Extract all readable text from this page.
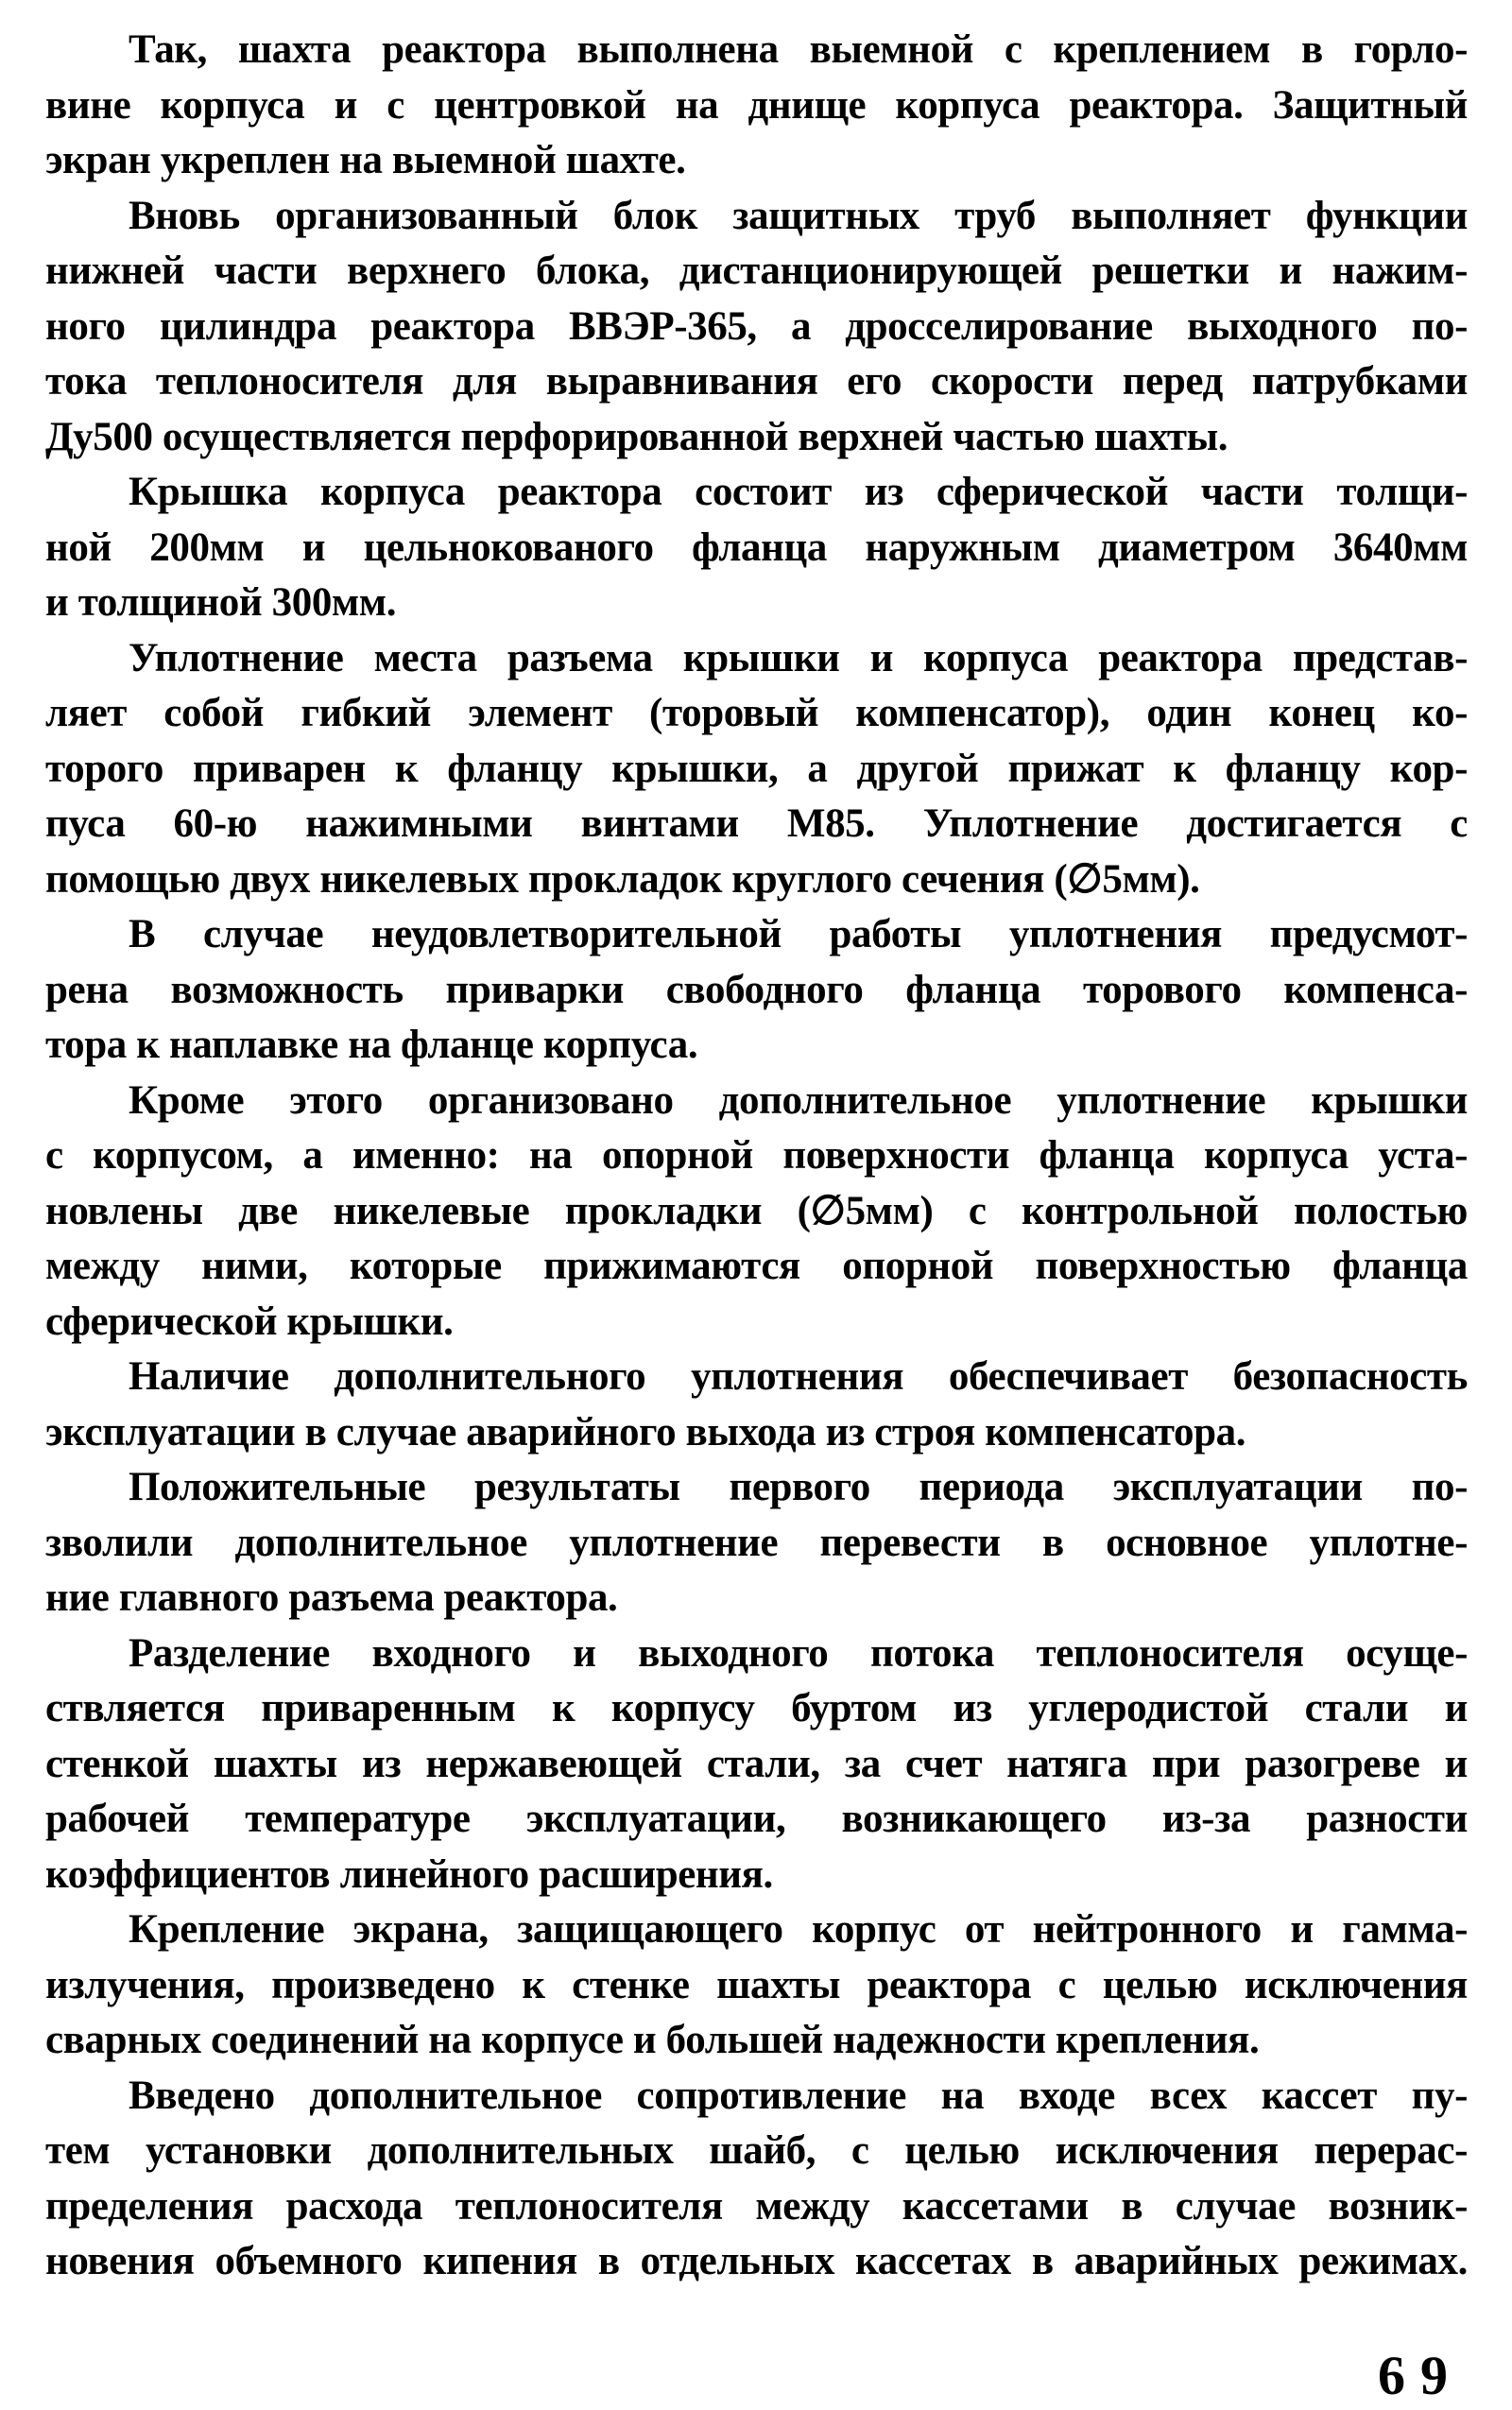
Так, шахта реактора выполнена выемной с креплением в горло-
вине корпуса и с центровкой на днище корпуса реактора. Защитный
экран укреплен на выемной шахте.
Вновь организованный блок защитных труб выполняет функции
нижней части верхнего блока, дистанционирующей решетки и нажим-
ного цилиндра реактора ВВЭР-365, а дросселирование выходного по-
тока теплоносителя для выравнивания его скорости перед патрубками
Ду500 осуществляется перфорированной верхней частью шахты.
Крышка корпуса реактора состоит из сферической части толщи-
ной 200мм и цельнокованого фланца наружным диаметром 3640мм
и толщиной 300мм.
Уплотнение места разъема крышки и корпуса реактора представ-
ляет собой гибкий элемент (торовый компенсатор), один конец ко-
торого приварен к фланцу крышки, а другой прижат к фланцу кор-
пуса 60-ю нажимными винтами М85. Уплотнение достигается с
помощью двух никелевых прокладок круглого сечения (∅5мм).
В случае неудовлетворительной работы уплотнения предусмот-
рена возможность приварки свободного фланца торового компенса-
тора к наплавке на фланце корпуса.
Кроме этого организовано дополнительное уплотнение крышки
с корпусом, а именно: на опорной поверхности фланца корпуса уста-
новлены две никелевые прокладки (∅5мм) с контрольной полостью
между ними, которые прижимаются опорной поверхностью фланца
сферической крышки.
Наличие дополнительного уплотнения обеспечивает безопасность
эксплуатации в случае аварийного выхода из строя компенсатора.
Положительные результаты первого периода эксплуатации по-
зволили дополнительное уплотнение перевести в основное уплотне-
ние главного разъема реактора.
Разделение входного и выходного потока теплоносителя осуще-
ствляется приваренным к корпусу буртом из углеродистой стали и
стенкой шахты из нержавеющей стали, за счет натяга при разогреве и
рабочей температуре эксплуатации, возникающего из-за разности
коэффициентов линейного расширения.
Крепление экрана, защищающего корпус от нейтронного и гамма-
излучения, произведено к стенке шахты реактора с целью исключения
сварных соединений на корпусе и большей надежности крепления.
Введено дополнительное сопротивление на входе всех кассет пу-
тем установки дополнительных шайб, с целью исключения перерас-
пределения расхода теплоносителя между кассетами в случае возник-
новения объемного кипения в отдельных кассетах в аварийных режимах.
69
